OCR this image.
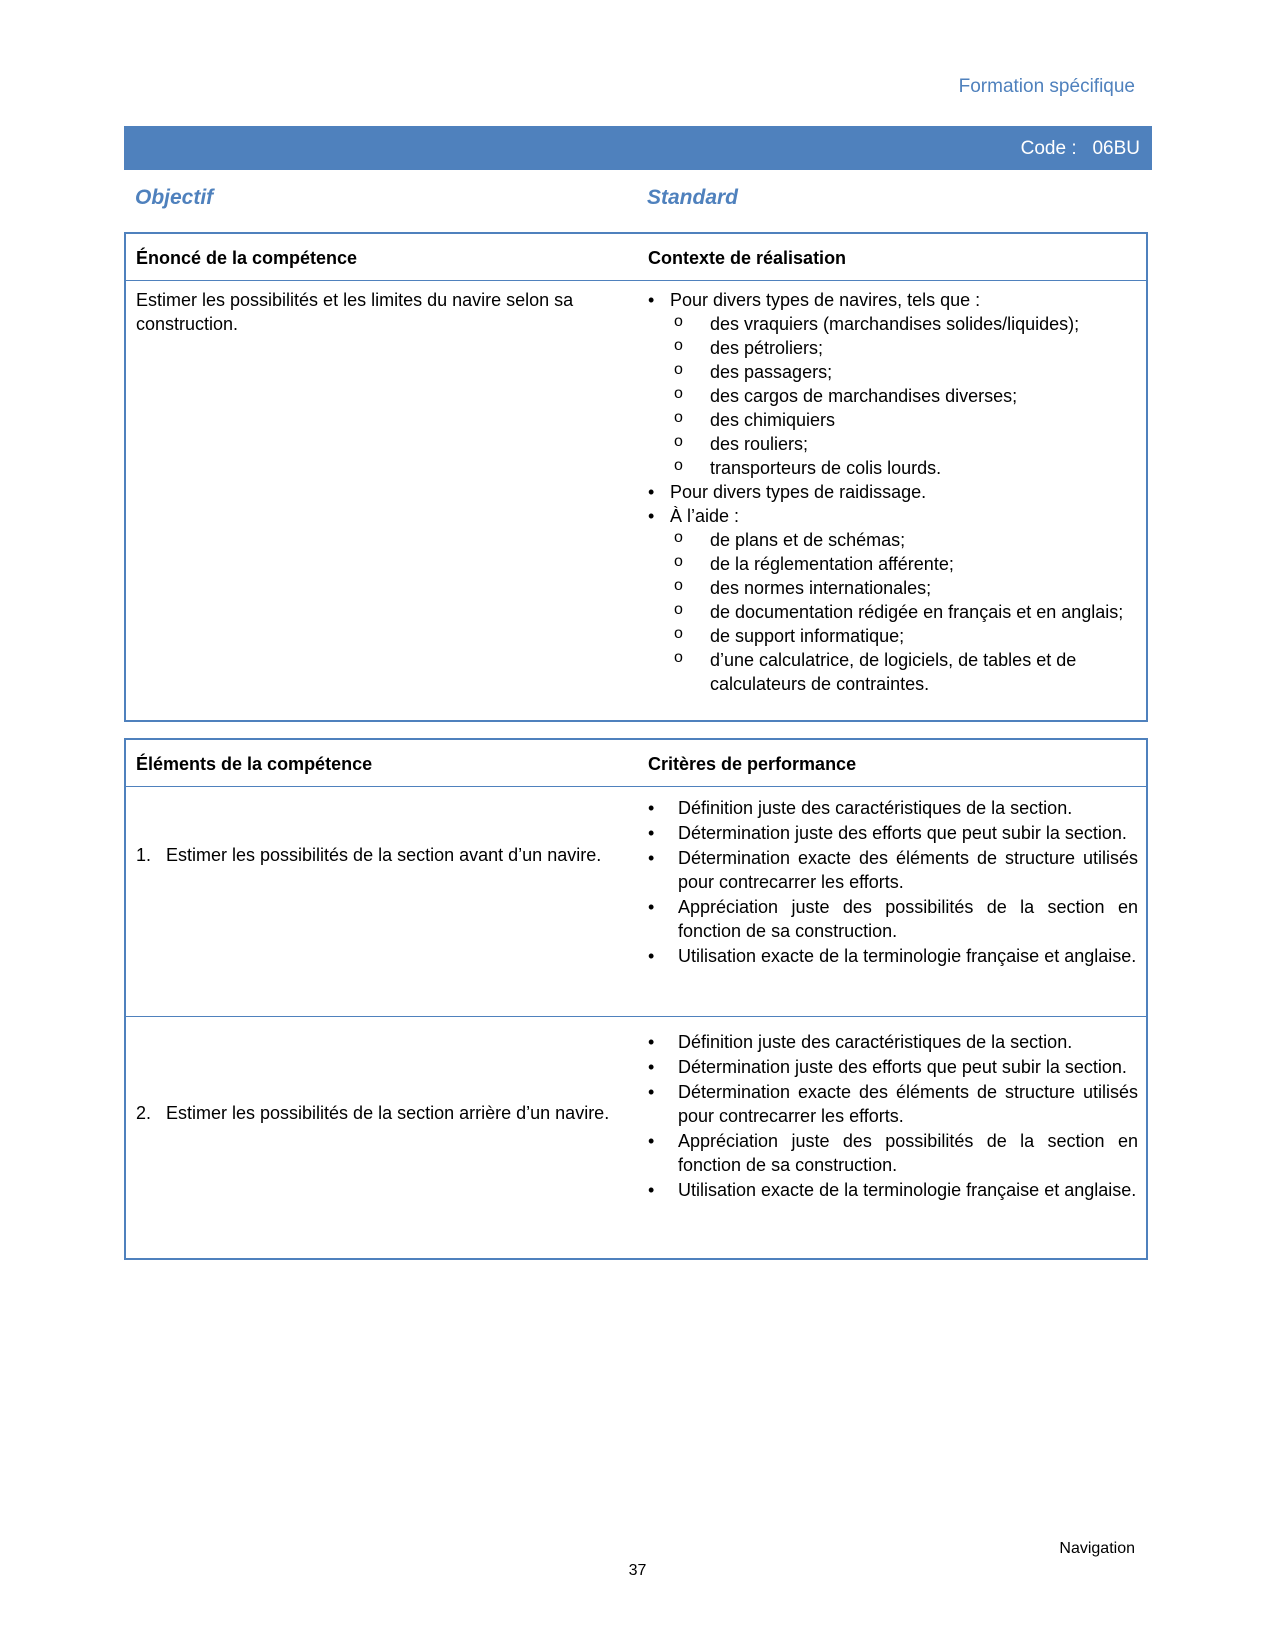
Formation spécifique
Code : 06BU
Objectif	Standard
Énoncé de la compétence	Contexte de réalisation
Estimer les possibilités et les limites du navire selon sa construction.
• Pour divers types de navires, tels que :
o des vraquiers (marchandises solides/liquides);
o des pétroliers;
o des passagers;
o des cargos de marchandises diverses;
o des chimiquiers
o des rouliers;
o transporteurs de colis lourds.
• Pour divers types de raidissage.
• À l’aide :
o de plans et de schémas;
o de la réglementation afférente;
o des normes internationales;
o de documentation rédigée en français et en anglais;
o de support informatique;
o d’une calculatrice, de logiciels, de tables et de calculateurs de contraintes.
Éléments de la compétence	Critères de performance
1. Estimer les possibilités de la section avant d’un navire.
• Définition juste des caractéristiques de la section.
• Détermination juste des efforts que peut subir la section.
• Détermination exacte des éléments de structure utilisés pour contrecarrer les efforts.
• Appréciation juste des possibilités de la section en fonction de sa construction.
• Utilisation exacte de la terminologie française et anglaise.
2. Estimer les possibilités de la section arrière d’un navire.
• Définition juste des caractéristiques de la section.
• Détermination juste des efforts que peut subir la section.
• Détermination exacte des éléments de structure utilisés pour contrecarrer les efforts.
• Appréciation juste des possibilités de la section en fonction de sa construction.
• Utilisation exacte de la terminologie française et anglaise.
Navigation
37
